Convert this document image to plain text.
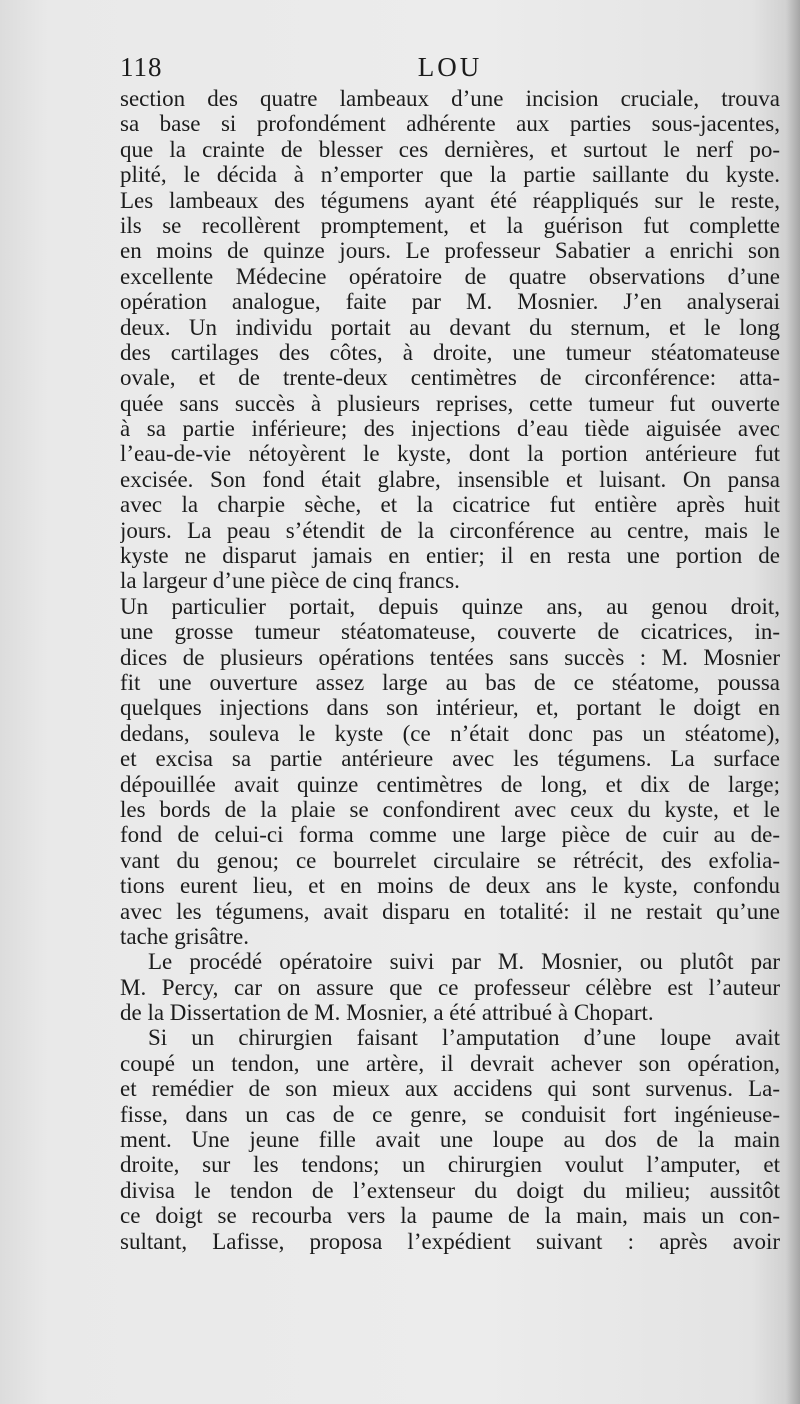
118	LOU
section des quatre lambeaux d’une incision cruciale, trouva
sa base si profondément adhérente aux parties sous-jacentes,
que la crainte de blesser ces dernières, et surtout le nerf po-
plité, le décida à n’emporter que la partie saillante du kyste.
Les lambeaux des tégumens ayant été réappliqués sur le reste,
ils se recollèrent promptement, et la guérison fut complette
en moins de quinze jours. Le professeur Sabatier a enrichi son
excellente Médecine opératoire de quatre observations d’une
opération analogue, faite par M. Mosnier. J’en analyserai
deux. Un individu portait au devant du sternum, et le long
des cartilages des côtes, à droite, une tumeur stéatomateuse
ovale, et de trente-deux centimètres de circonférence: atta-
quée sans succès à plusieurs reprises, cette tumeur fut ouverte
à sa partie inférieure; des injections d’eau tiède aiguisée avec
l’eau-de-vie nétoyèrent le kyste, dont la portion antérieure fut
excisée. Son fond était glabre, insensible et luisant. On pansa
avec la charpie sèche, et la cicatrice fut entière après huit
jours. La peau s’étendit de la circonférence au centre, mais le
kyste ne disparut jamais en entier; il en resta une portion de
la largeur d’une pièce de cinq francs.
Un particulier portait, depuis quinze ans, au genou droit,
une grosse tumeur stéatomateuse, couverte de cicatrices, in-
dices de plusieurs opérations tentées sans succès : M. Mosnier
fit une ouverture assez large au bas de ce stéatome, poussa
quelques injections dans son intérieur, et, portant le doigt en
dedans, souleva le kyste (ce n’était donc pas un stéatome),
et excisa sa partie antérieure avec les tégumens. La surface
dépouillée avait quinze centimètres de long, et dix de large;
les bords de la plaie se confondirent avec ceux du kyste, et le
fond de celui-ci forma comme une large pièce de cuir au de-
vant du genou; ce bourrelet circulaire se rétrécit, des exfolia-
tions eurent lieu, et en moins de deux ans le kyste, confondu
avec les tégumens, avait disparu en totalité: il ne restait qu’une
tache grisâtre.
Le procédé opératoire suivi par M. Mosnier, ou plutôt par
M. Percy, car on assure que ce professeur célèbre est l’auteur
de la Dissertation de M. Mosnier, a été attribué à Chopart.
Si un chirurgien faisant l’amputation d’une loupe avait
coupé un tendon, une artère, il devrait achever son opération,
et remédier de son mieux aux accidens qui sont survenus. La-
fisse, dans un cas de ce genre, se conduisit fort ingénieuse-
ment. Une jeune fille avait une loupe au dos de la main
droite, sur les tendons; un chirurgien voulut l’amputer, et
divisa le tendon de l’extenseur du doigt du milieu; aussitôt
ce doigt se recourba vers la paume de la main, mais un con-
sultant, Lafisse, proposa l’expédient suivant : après avoir
